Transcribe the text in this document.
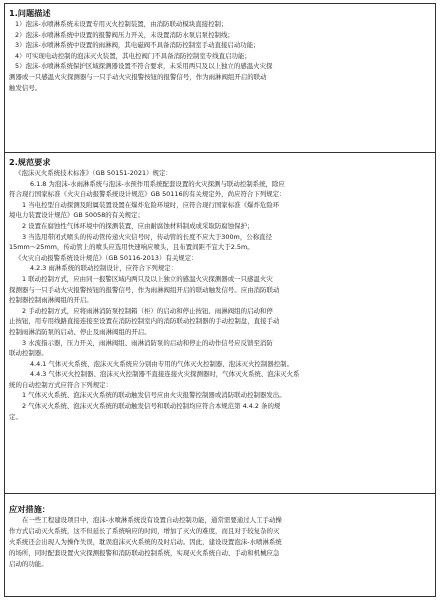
1.问题描述
1）泡沫-水喷淋系统未设置专用灭火控制装置，由消防联动模块直接控制；
2）泡沫-水喷淋系统中设置的报警阀压力开关，未设置消防水泵启泵控制线；
3）泡沫-水喷淋系统中设置的雨淋阀，其电磁阀不具备消防控制室手动直接启动功能；
4）可实现电动控制的泡沫灭火装置，其电控阀门不具备消防控制室专线直启功能；
5）泡沫-水喷淋系统保护区域探测器设置不符合要求，未采用两只及以上独立的感温火灾探
测器或一只感温火灾探测器与一只手动火灾报警按钮的报警信号，作为雨淋阀组开启的联动
触发信号。
2.规范要求
《泡沫灭火系统技术标准》（GB 50151-2021）规定：
6.1.8 为泡沫-水雨淋系统与泡沫-水预作用系统配套设置的火灾探测与联动控制系统，除应
符合现行国家标准《火灾自动报警系统设计规范》GB 50116的有关规定外，尚应符合下列规定：
1 当电控型自动探测及附属装置设置在爆炸危险环境时，应符合现行国家标准《爆炸危险环
境电力装置设计规范》GB 50058的有关规定；
2 设置在腐蚀性气体环境中的探测装置，应由耐腐蚀材料制成或采取防腐蚀保护；
3 当选用带闭式喷头的传动管传递火灾信号时，传动管的长度不应大于300m，公称直径
15mm～25mm，传动管上的喷头应选用快速响应喷头，且布置间距不宜大于2.5m。
《火灾自动报警系统设计规范》（GB 50116-2013）有关规定：
4.2.3 雨淋系统的联动控制设计，应符合下列规定：
1 联动控制方式，应由同一报警区域内两只及以上独立的感温火灾探测器或一只感温火灾
探测器与一只手动火灾报警按钮的报警信号，作为雨淋阀组开启的联动触发信号。应由消防联动
控制器控制雨淋阀组的开启。
2 手动控制方式，应将雨淋消防泵控制箱（柜）的启动和停止按钮、雨淋阀组的启动和停
止按钮，用专用线路直接连接至设置在消防控制室内的消防联动控制器的手动控制盘，直接手动
控制雨淋消防泵的启动、停止及雨淋阀组的开启。
3 水流指示器，压力开关，雨淋阀组、雨淋消防泵的启动和停止的动作信号应反馈至消防
联动控制器。
4.4.1 气体灭火系统、泡沫灭火系统应分别由专用的气体灭火控制器、泡沫灭火控制器控制。
4.4.3 气体灭火控制器、泡沫灭火控制器不直接连接火灾探测器时，气体灭火系统、泡沫灭火系
统的自动控制方式应符合下列规定：
1 气体灭火系统、泡沫灭火系统的联动触发信号应由火灾报警控制器或消防联动控制器发出。
2 气体灭火系统、泡沫灭火系统的联动触发信号和联动控制均应符合本规范第 4.4.2 条的规
定。
应对措施：
在一些工程建设项目中，泡沫-水喷淋系统没有设置自动控制功能，通常需要通过人工手动操
作方式启动灭火系统，这不但延长了系统响应的时间，增加了灭火的难度，而且对于较复杂的灭
火系统还会出现人为操作失误，耽误泡沫灭火系统的及时启动。因此，建设设置泡沫-水喷淋系统
的场所，同时配套设置火灾探测报警和消防联动控制系统，实现灭火系统自动、手动和机械应急
启动的功能。
